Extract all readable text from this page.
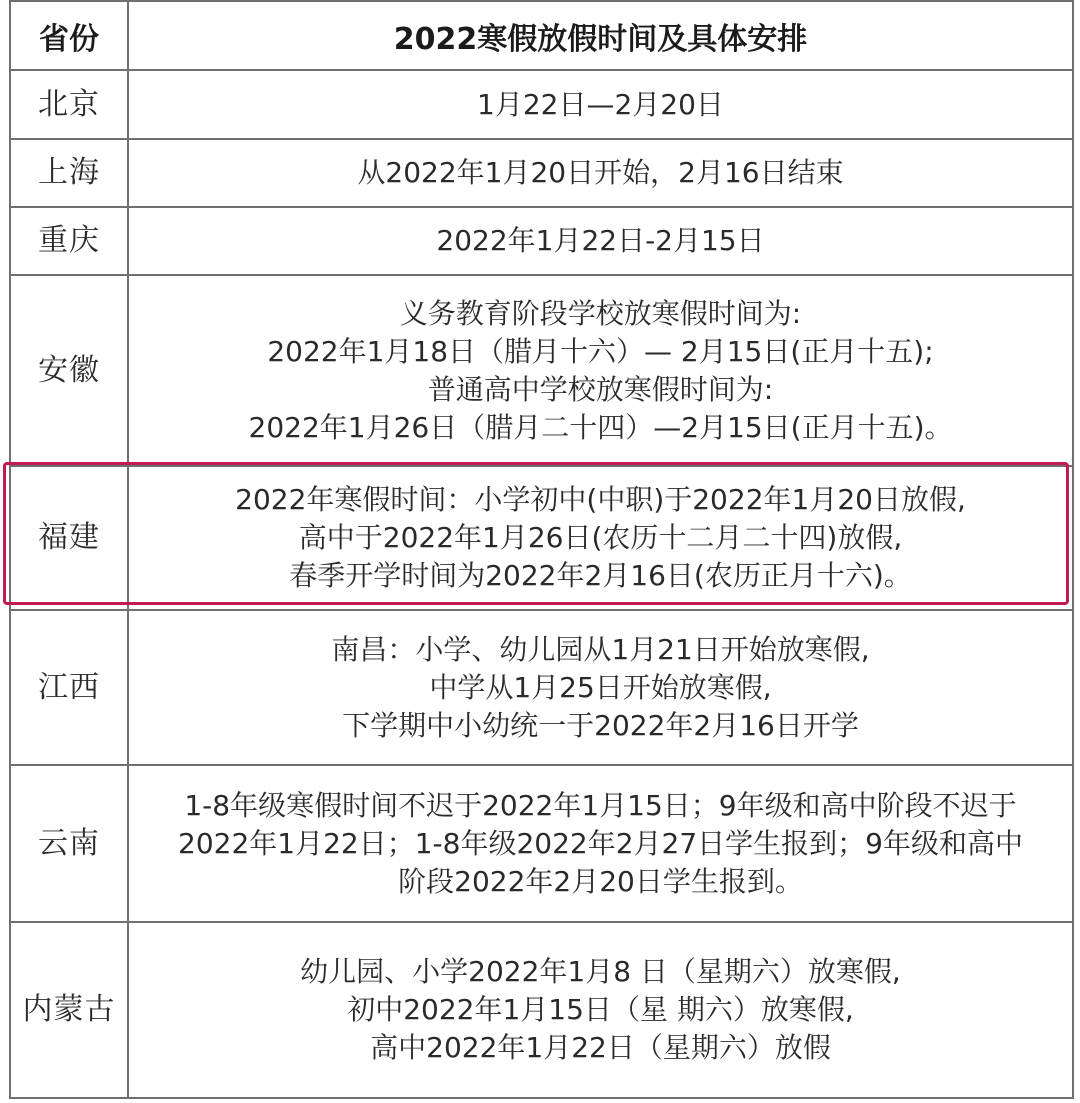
省份	2022寒假放假时间及具体安排
北京	1月22日—2月20日

上海	从2022年1月20日开始，2月16日结束

重庆	2022年1月22日-2月15日

安徽	义务教育阶段学校放寒假时间为:
2022年1月18日（腊月十六）— 2月15日(正月十五);
普通高中学校放寒假时间为:
2022年1月26日（腊月二十四）—2月15日(正月十五)。

福建	2022年寒假时间：小学初中(中职)于2022年1月20日放假,
高中于2022年1月26日(农历十二月二十四)放假,
春季开学时间为2022年2月16日(农历正月十六)。

江西	南昌：小学、幼儿园从1月21日开始放寒假,
中学从1月25日开始放寒假,
下学期中小幼统一于2022年2月16日开学

云南	1-8年级寒假时间不迟于2022年1月15日；9年级和高中阶段不迟于
2022年1月22日；1-8年级2022年2月27日学生报到；9年级和高中
阶段2022年2月20日学生报到。

内蒙古	幼儿园、小学2022年1月8 日（星期六）放寒假,
初中2022年1月15日（星 期六）放寒假,
高中2022年1月22日（星期六）放假
